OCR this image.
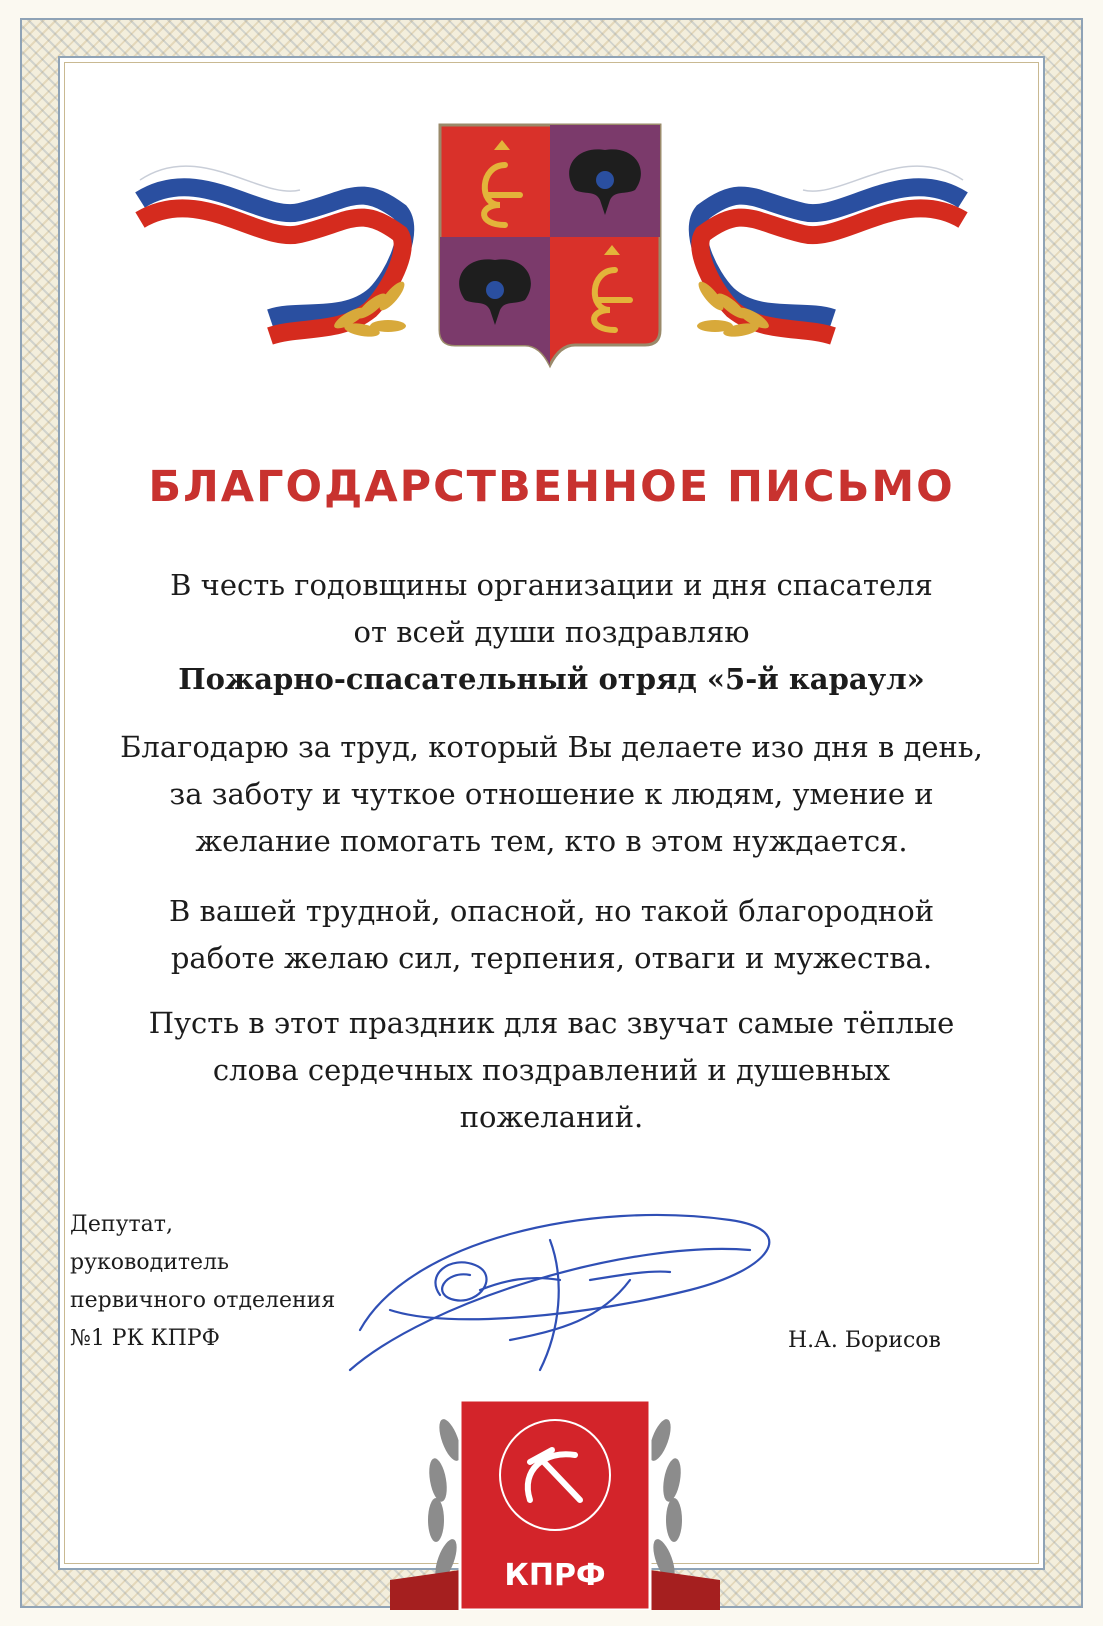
БЛАГОДАРСТВЕННОЕ ПИСЬМО
В честь годовщины организации и дня спасателя
от всей души поздравляю
Пожарно-спасательный отряд «5-й караул»
Благодарю за труд, который Вы делаете изо дня в день,
за заботу и чуткое отношение к людям, умение и
желание помогать тем, кто в этом нуждается.
В вашей трудной, опасной, но такой благородной
работе желаю сил, терпения, отваги и мужества.
Пусть в этот праздник для вас звучат самые тёплые
слова сердечных поздравлений и душевных
пожеланий.
Депутат,
руководитель
первичного отделения
№1 РК КПРФ	Н.А. Борисов
КПРФ
